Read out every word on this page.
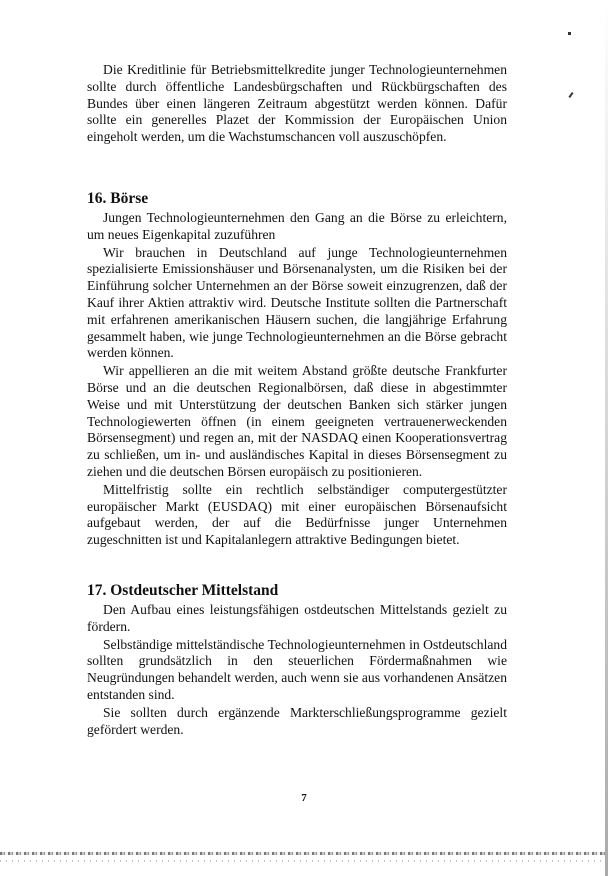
Die Kreditlinie für Betriebsmittelkredite junger Technologieunternehmen sollte durch öffentliche Landesbürgschaften und Rückbürgschaften des Bundes über einen längeren Zeitraum abgestützt werden können. Dafür sollte ein generelles Plazet der Kommission der Europäischen Union eingeholt werden, um die Wachstumschancen voll auszuschöpfen.

16. Börse

Jungen Technologieunternehmen den Gang an die Börse zu erleichtern, um neues Eigenkapital zuzuführen

Wir brauchen in Deutschland auf junge Technologieunternehmen spezialisierte Emissionshäuser und Börsenanalysten, um die Risiken bei der Einführung solcher Unternehmen an der Börse soweit einzugrenzen, daß der Kauf ihrer Aktien attraktiv wird. Deutsche Institute sollten die Partnerschaft mit erfahrenen amerikanischen Häusern suchen, die langjährige Erfahrung gesammelt haben, wie junge Technologieunternehmen an die Börse gebracht werden können.

Wir appellieren an die mit weitem Abstand größte deutsche Frankfurter Börse und an die deutschen Regionalbörsen, daß diese in abgestimmter Weise und mit Unterstützung der deutschen Banken sich stärker jungen Technologiewerten öffnen (in einem geeigneten vertrauenerweckenden Börsensegment) und regen an, mit der NASDAQ einen Kooperationsvertrag zu schließen, um in- und ausländisches Kapital in dieses Börsensegment zu ziehen und die deutschen Börsen europäisch zu positionieren.

Mittelfristig sollte ein rechtlich selbständiger computergestützter europäischer Markt (EUSDAQ) mit einer europäischen Börsenaufsicht aufgebaut werden, der auf die Bedürfnisse junger Unternehmen zugeschnitten ist und Kapitalanlegern attraktive Bedingungen bietet.

17. Ostdeutscher Mittelstand

Den Aufbau eines leistungsfähigen ostdeutschen Mittelstands gezielt zu fördern.

Selbständige mittelständische Technologieunternehmen in Ostdeutschland sollten grundsätzlich in den steuerlichen Fördermaßnahmen wie Neugründungen behandelt werden, auch wenn sie aus vorhandenen Ansätzen entstanden sind.

Sie sollten durch ergänzende Markterschließungsprogramme gezielt gefördert werden.

7
